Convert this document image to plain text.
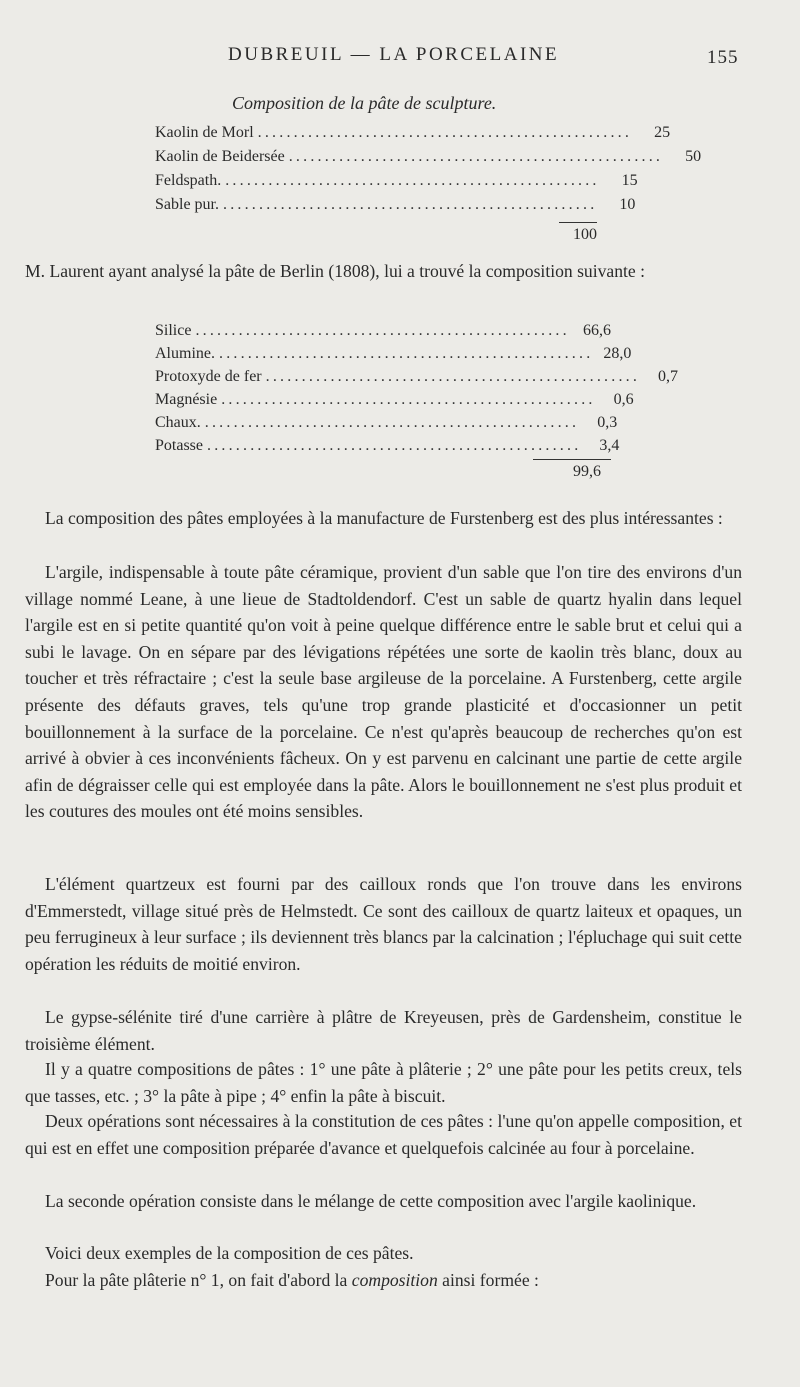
DUBREUIL — LA PORCELAINE	155
Composition de la pâte de sculpture.
Kaolin de Morl ....................................................	25
Kaolin de Beidersée ....................................................	50
Feldspath. ....................................................	15
Sable pur. ....................................................	10
100

M. Laurent ayant analysé la pâte de Berlin (1808), lui a trouvé la composition suivante :

Silice .................................................... 66,6
Alumine. .................................................... 28,0
Protoxyde de fer ....................................................	0,7
Magnésie ....................................................	0,6
Chaux. ....................................................	0,3
Potasse ....................................................	3,4
99,6

La composition des pâtes employées à la manufacture de Furstenberg est des plus intéressantes :

L'argile, indispensable à toute pâte céramique, provient d'un sable que l'on tire des environs d'un village nommé Leane, à une lieue de Stadtoldendorf. C'est un sable de quartz hyalin dans lequel l'argile est en si petite quantité qu'on voit à peine quelque différence entre le sable brut et celui qui a subi le lavage. On en sépare par des lévigations répétées une sorte de kaolin très blanc, doux au toucher et très réfractaire ; c'est la seule base argileuse de la porcelaine. A Furstenberg, cette argile présente des défauts graves, tels qu'une trop grande plasticité et d'occasionner un petit bouillonnement à la surface de la porcelaine. Ce n'est qu'après beaucoup de recherches qu'on est arrivé à obvier à ces inconvénients fâcheux. On y est parvenu en calcinant une partie de cette argile afin de dégraisser celle qui est employée dans la pâte. Alors le bouillonnement ne s'est plus produit et les coutures des moules ont été moins sensibles.

L'élément quartzeux est fourni par des cailloux ronds que l'on trouve dans les environs d'Emmerstedt, village situé près de Helmstedt. Ce sont des cailloux de quartz laiteux et opaques, un peu ferrugineux à leur surface ; ils deviennent très blancs par la calcination ; l'épluchage qui suit cette opération les réduits de moitié environ.

Le gypse-sélénite tiré d'une carrière à plâtre de Kreyeusen, près de Gardensheim, constitue le troisième élément.

Il y a quatre compositions de pâtes : 1° une pâte à plâterie ; 2° une pâte pour les petits creux, tels que tasses, etc. ; 3° la pâte à pipe ; 4° enfin la pâte à biscuit.

Deux opérations sont nécessaires à la constitution de ces pâtes : l'une qu'on appelle composition, et qui est en effet une composition préparée d'avance et quelquefois calcinée au four à porcelaine.

La seconde opération consiste dans le mélange de cette composition avec l'argile kaolinique.

Voici deux exemples de la composition de ces pâtes.

Pour la pâte plâterie n° 1, on fait d'abord la composition ainsi formée :
